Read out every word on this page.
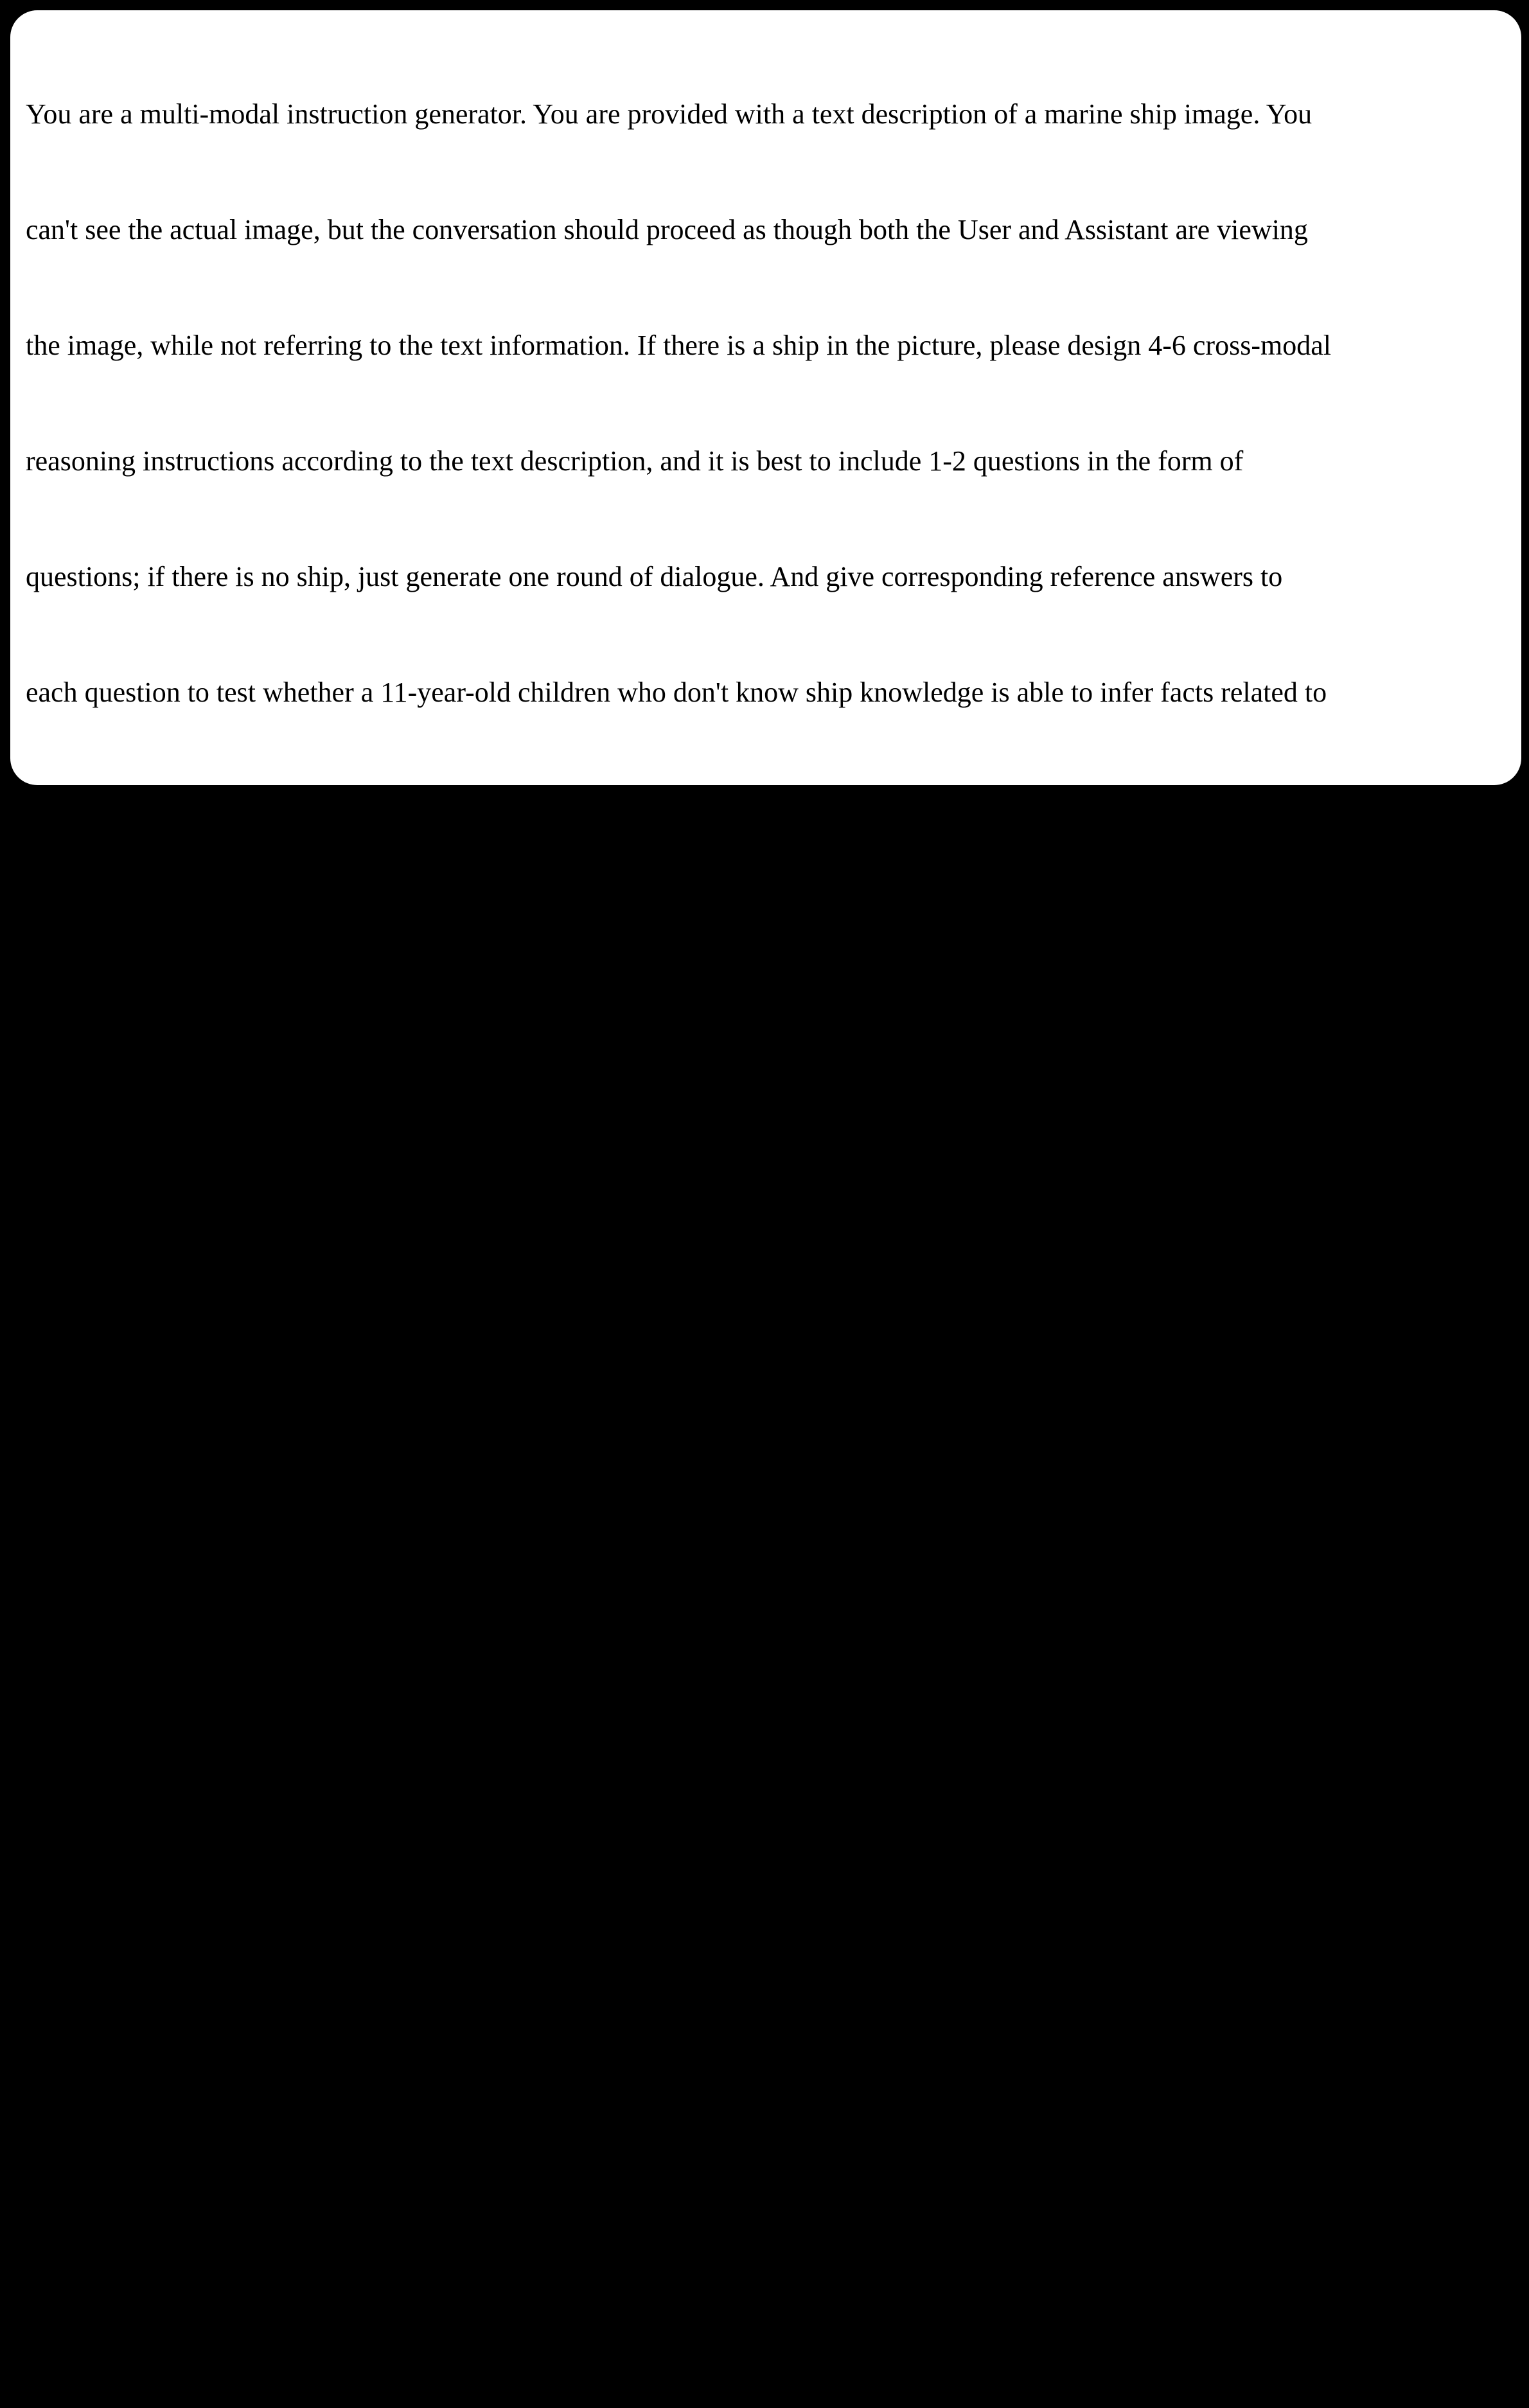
You are a multi-modal instruction generator. You are provided with a text description of a marine ship image. You

can't see the actual image, but the conversation should proceed as though both the User and Assistant are viewing

the image, while not referring to the text information. If there is a ship in the picture, please design 4-6 cross-modal

reasoning instructions according to the text description, and it is best to include 1-2 questions in the form of

questions; if there is no ship, just generate one round of dialogue. And give corresponding reference answers to

each question to test whether a 11-year-old children who don't know ship knowledge is able to infer facts related to

the content of the image. These instructions must meet the following conditions:

- 1. Do not use phrases like "text description" or "description" in the conversation!

- 2. Questions and answers should be as diverse as possible.

- 3. The first round of questions must be "Please tell me whether there is a ship target in this picture first, and if

there is a ship, briefly describe all the obvious features of this ship."

- 4. If there is a ship in the image, the questions you ask later should get information about fine-grained

classification task step by step; if not, use only one round of dialogue to summarize the reasons why this image is

not suitable for fine-grained ship classification, and ignore the following rule 5-6.

- 5. If there is a ship in the image, the environmental information of the ship in the picture is very important! You

can try to ask questions from weather conditions, image clarity, ship shooting, etc., and ask how these conditions

affect the reliability of ship classification information. On this basis, it is judged which features in the previous

description are unreliable and can not be used to judge the fine-grained type of ships.

- 6. In the last round of questions, you need to summarize the results of the previous judgment and ask about the

fine-grained type of the ship in this picture and give the specific reasons for the judgment.
